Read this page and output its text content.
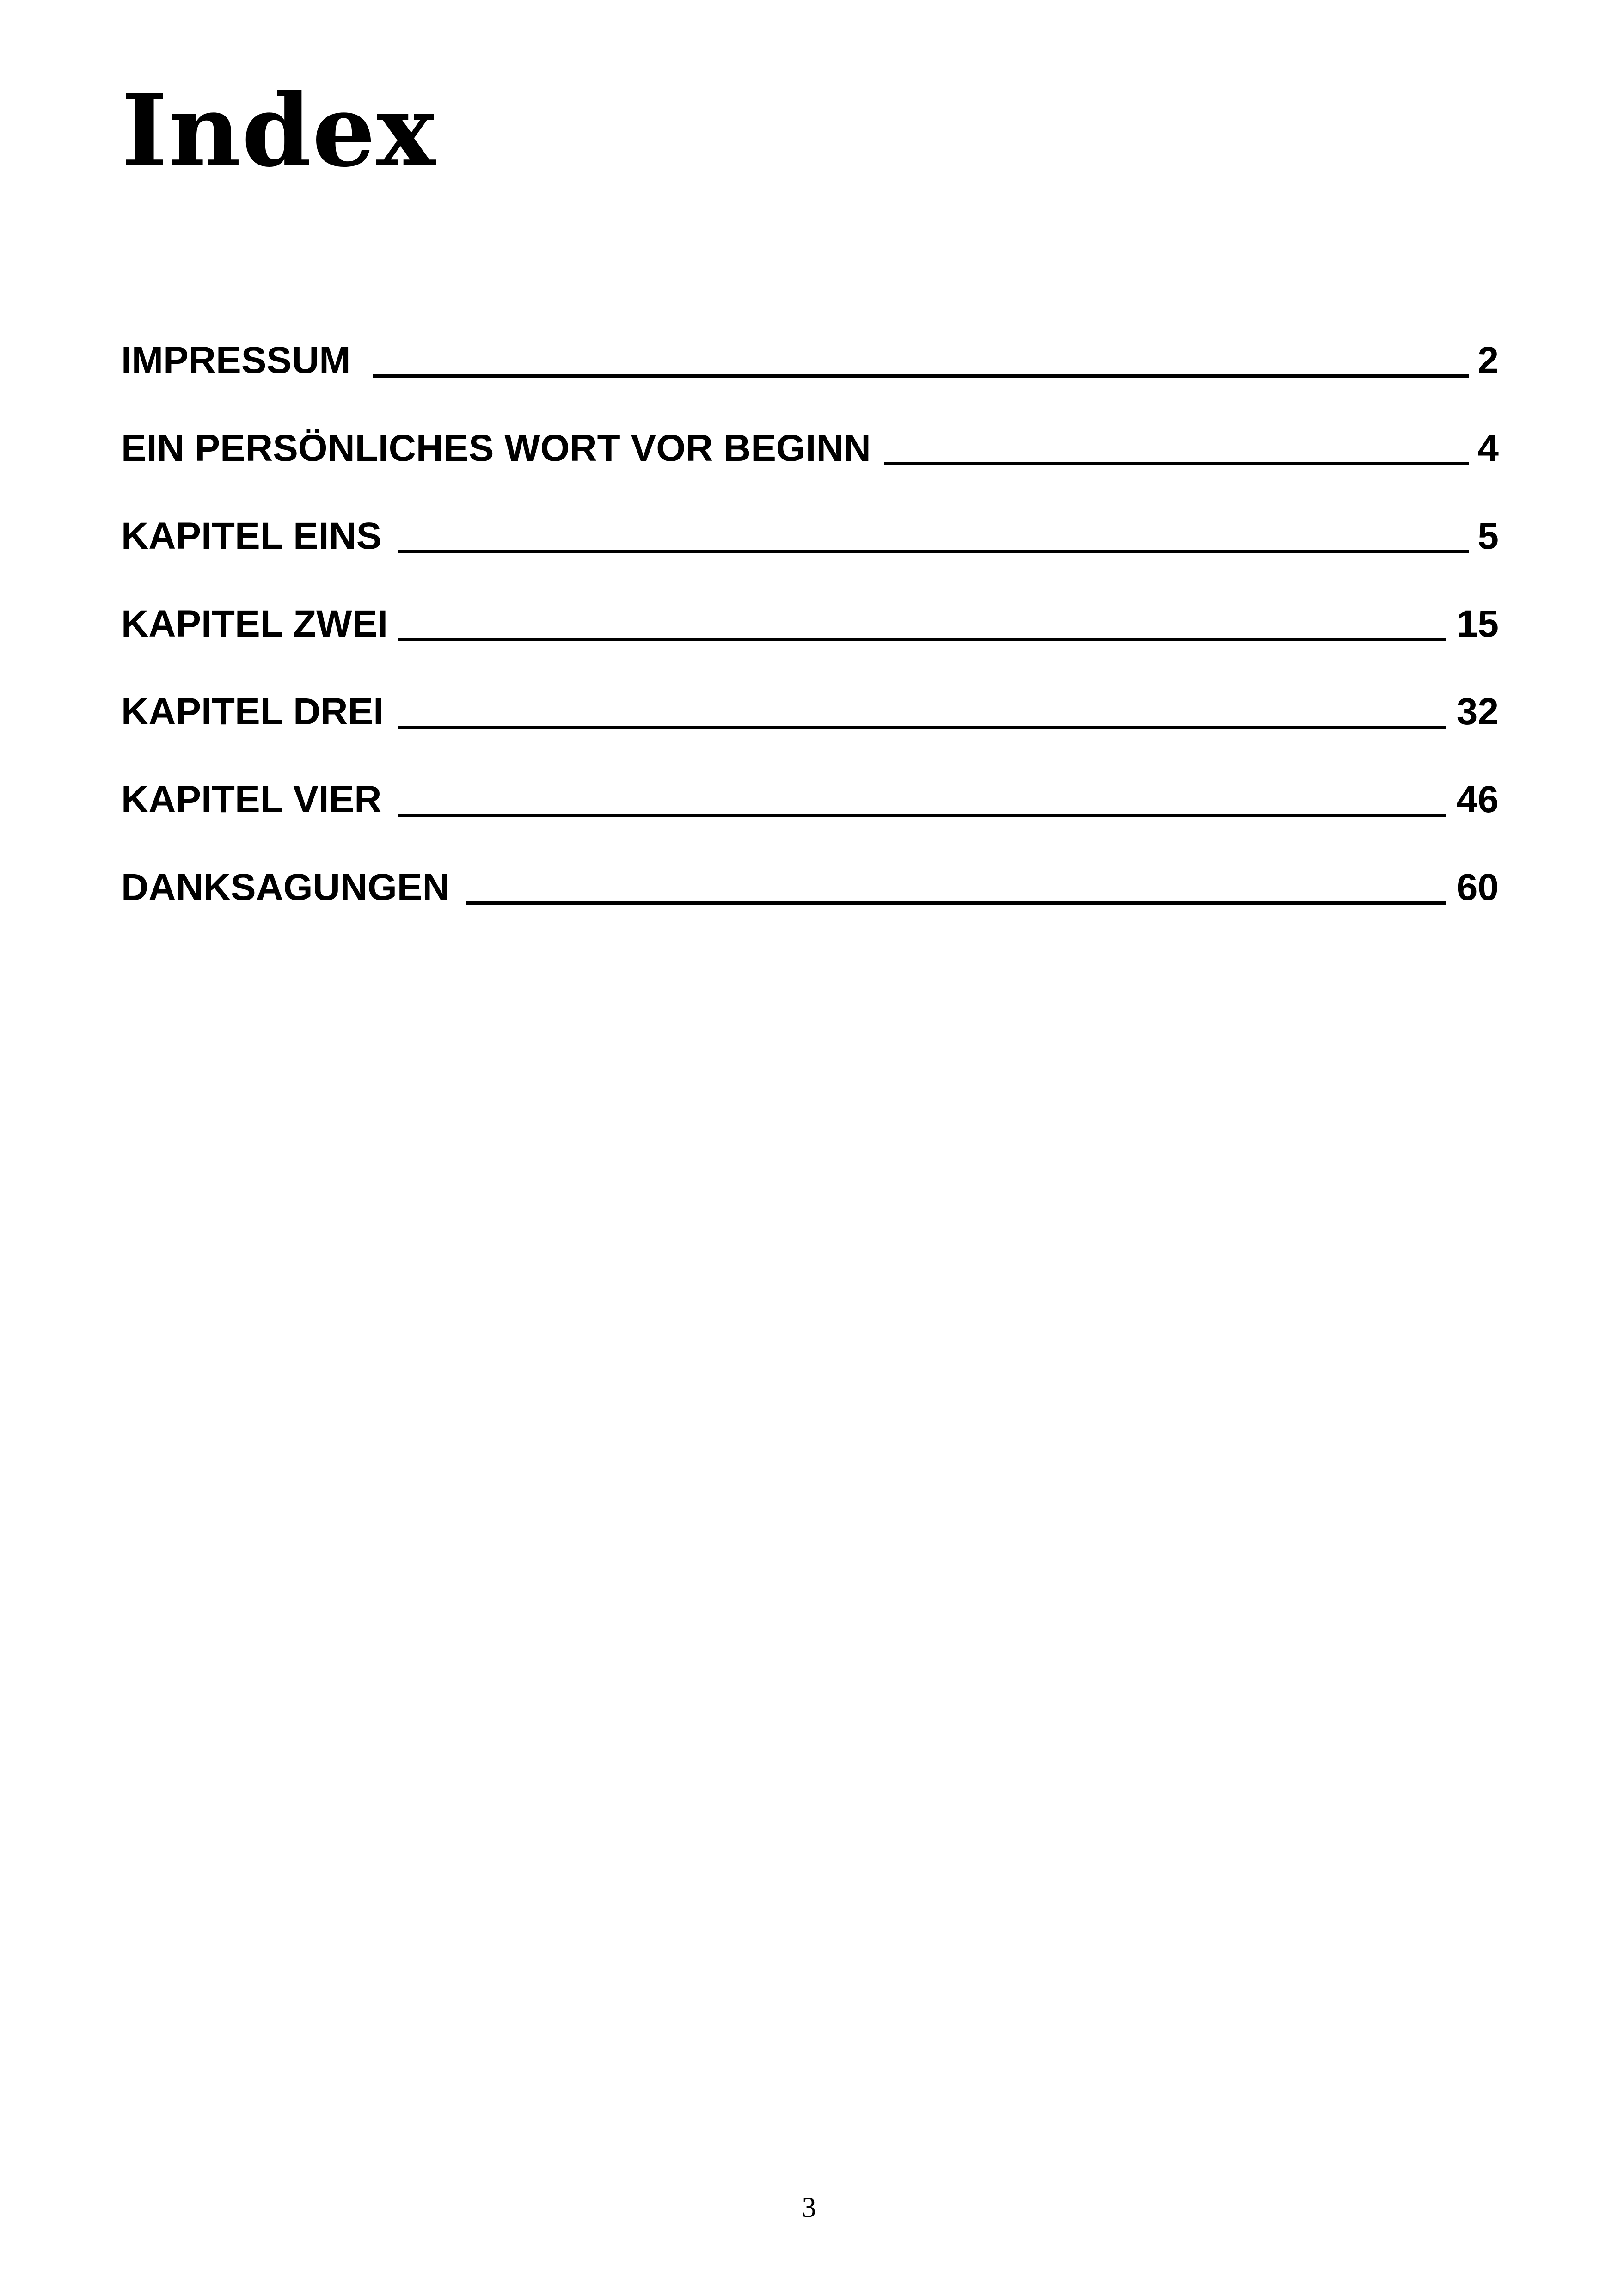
Index
IMPRESSUM	2
EIN PERSÖNLICHES WORT VOR BEGINN	4
KAPITEL EINS	5
KAPITEL ZWEI	15
KAPITEL DREI	32
KAPITEL VIER	46
DANKSAGUNGEN	60
3
